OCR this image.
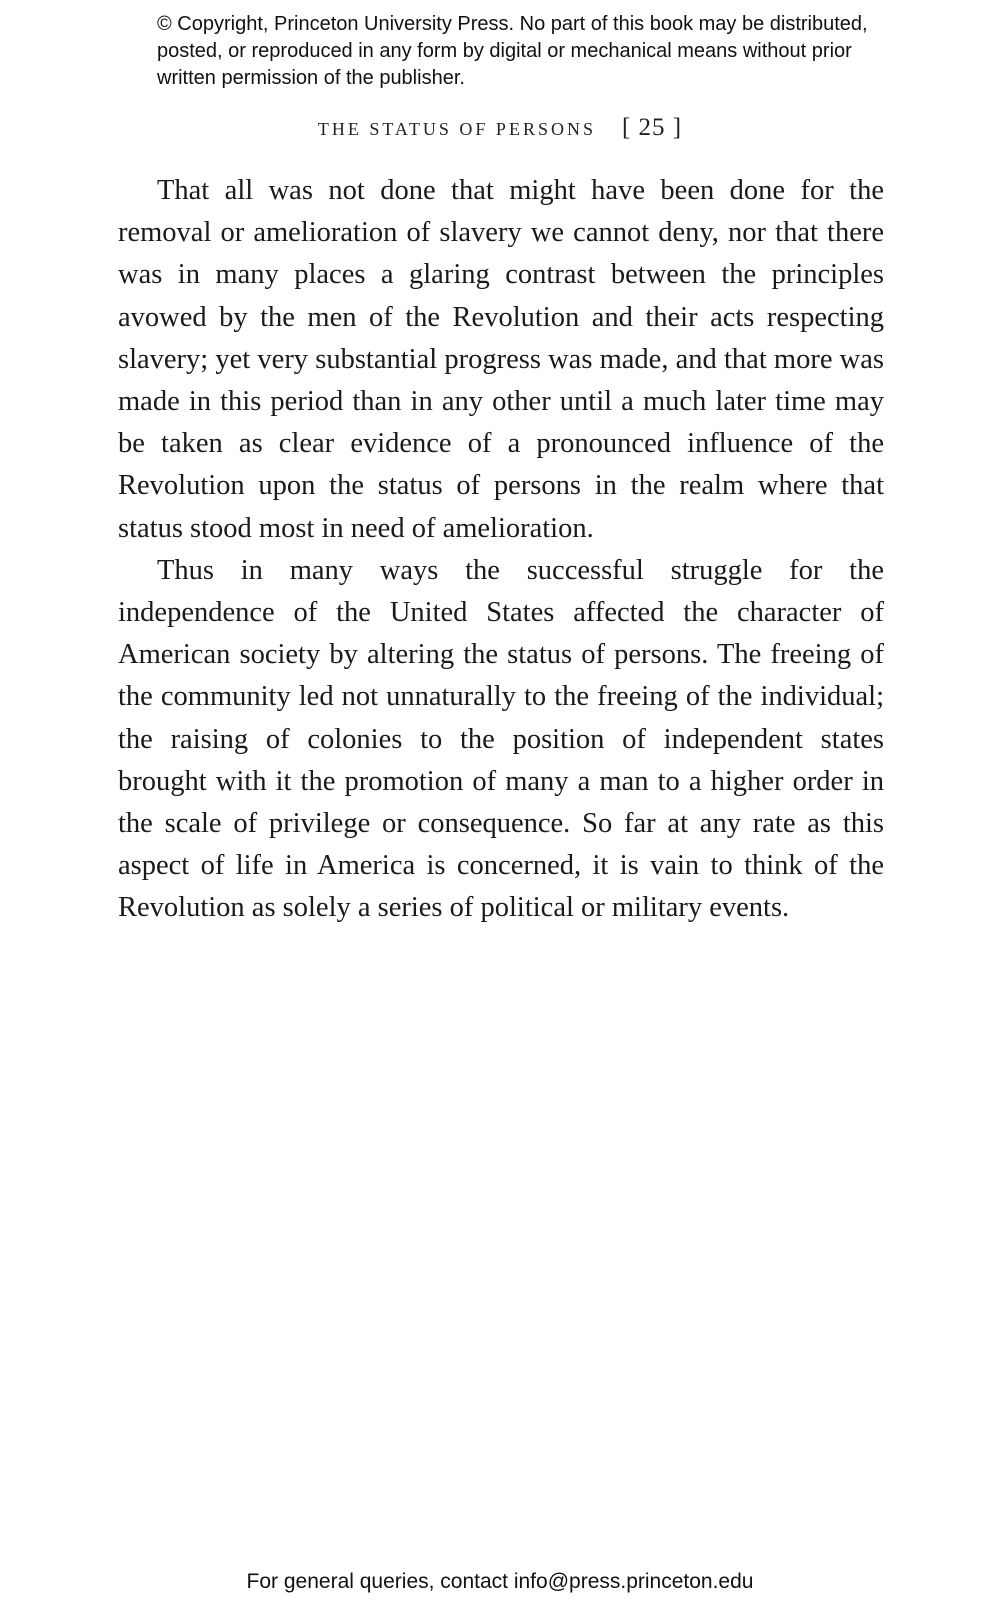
© Copyright, Princeton University Press. No part of this book may be distributed, posted, or reproduced in any form by digital or mechanical means without prior written permission of the publisher.

THE STATUS OF PERSONS [ 25 ]

That all was not done that might have been done for the removal or amelioration of slavery we cannot deny, nor that there was in many places a glaring contrast between the principles avowed by the men of the Revolution and their acts respecting slavery; yet very substantial progress was made, and that more was made in this period than in any other until a much later time may be taken as clear evidence of a pronounced influence of the Revolution upon the status of persons in the realm where that status stood most in need of amelioration.

Thus in many ways the successful struggle for the independence of the United States affected the character of American society by altering the status of persons. The freeing of the community led not unnaturally to the freeing of the individual; the raising of colonies to the position of independent states brought with it the promotion of many a man to a higher order in the scale of privilege or consequence. So far at any rate as this aspect of life in America is concerned, it is vain to think of the Revolution as solely a series of political or military events.

For general queries, contact info@press.princeton.edu
